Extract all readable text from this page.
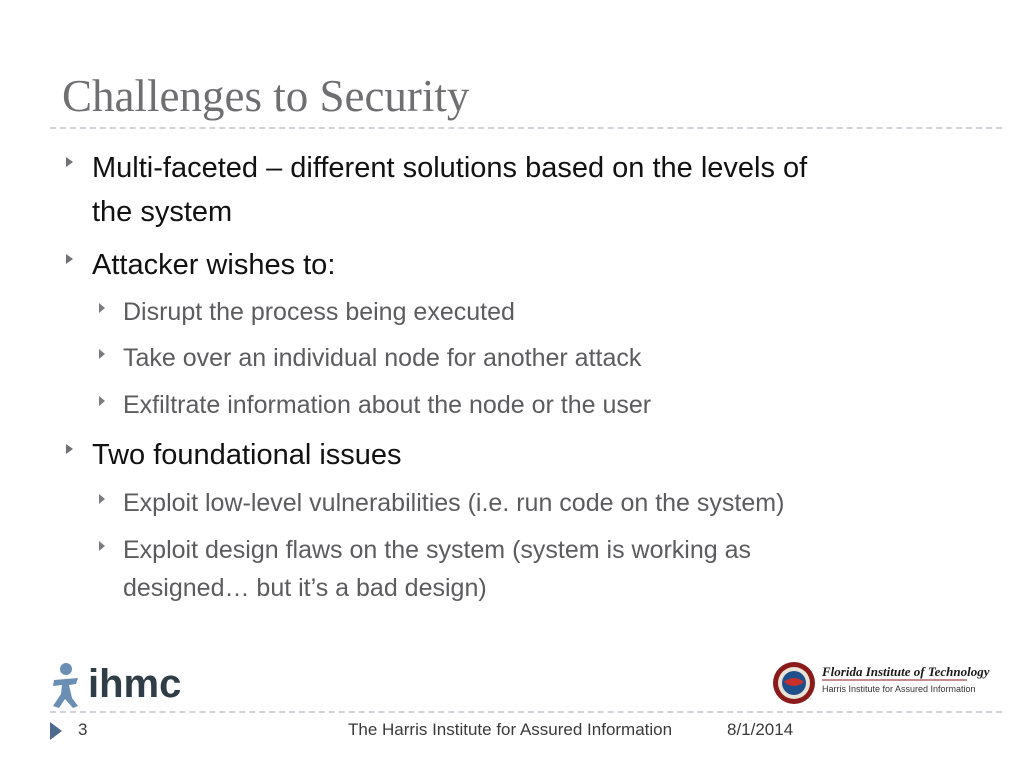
Challenges to Security
Multi-faceted – different solutions based on the levels of
the system
Attacker wishes to:
Disrupt the process being executed
Take over an individual node for another attack
Exfiltrate information about the node or the user
Two foundational issues
Exploit low-level vulnerabilities (i.e. run code on the system)
Exploit design flaws on the system (system is working as
designed… but it’s a bad design)
ihmc	Florida Institute of Technology
Harris Institute for Assured Information
3	The Harris Institute for Assured Information	8/1/2014
